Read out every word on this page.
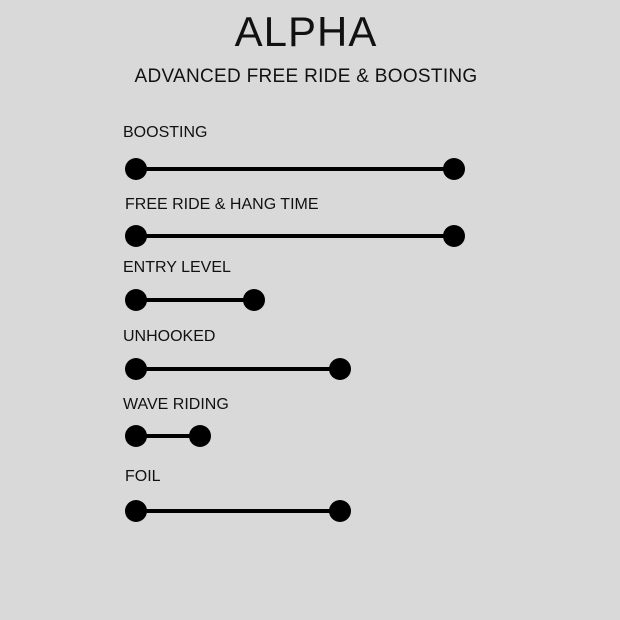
ALPHA
ADVANCED FREE RIDE & BOOSTING
BOOSTING
FREE RIDE & HANG TIME
ENTRY LEVEL
UNHOOKED
WAVE RIDING
FOIL
